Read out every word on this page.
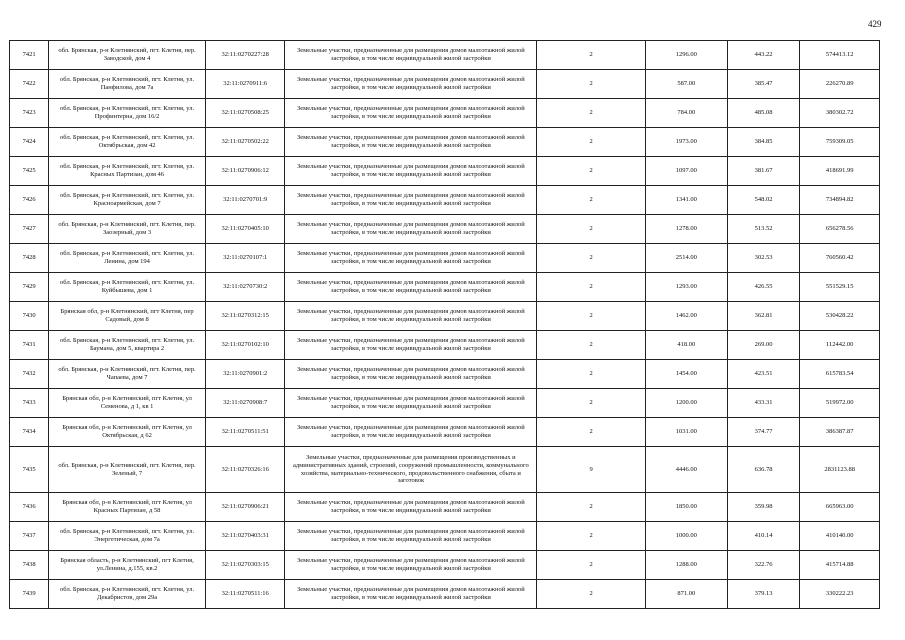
429
7421	обл. Брянская, р-н Клетнянский, пгт. Клетня, пер. Заводской, дом 4	32:11:0270227:28	Земельные участки, предназначенные для размещения домов малоэтажной жилой застройки, в том числе индивидуальной жилой застройки	2	1296.00	443.22	574413.12
7422	обл. Брянская, р-н Клетнянский, пгт. Клетня, ул. Панфилова, дом 7а	32:11:0270911:6	Земельные участки, предназначенные для размещения домов малоэтажной жилой застройки, в том числе индивидуальной жилой застройки	2	587.00	385.47	226270.89
7423	обл. Брянская, р-н Клетнянский, пгт. Клетня, ул. Профинтерна, дом 16/2	32:11:0270508:25	Земельные участки, предназначенные для размещения домов малоэтажной жилой застройки, в том числе индивидуальной жилой застройки	2	784.00	485.08	380302.72
7424	обл. Брянская, р-н Клетнянский, пгт. Клетня, ул. Октябрьская, дом 42	32:11:0270502:22	Земельные участки, предназначенные для размещения домов малоэтажной жилой застройки, в том числе индивидуальной жилой застройки	2	1973.00	384.85	759309.05
7425	обл. Брянская, р-н Клетнянский, пгт. Клетня, ул. Красных Партизан, дом 46	32:11:0270906:12	Земельные участки, предназначенные для размещения домов малоэтажной жилой застройки, в том числе индивидуальной жилой застройки	2	1097.00	381.67	418691.99
7426	обл. Брянская, р-н Клетнянский, пгт. Клетня, ул. Красноармейская, дом 7	32:11:0270701:9	Земельные участки, предназначенные для размещения домов малоэтажной жилой застройки, в том числе индивидуальной жилой застройки	2	1341.00	548.02	734894.82
7427	обл. Брянская, р-н Клетнянский, пгт. Клетня, пер. Заозерный, дом 3	32:11:0270405:10	Земельные участки, предназначенные для размещения домов малоэтажной жилой застройки, в том числе индивидуальной жилой застройки	2	1278.00	513.52	656278.56
7428	обл. Брянская, р-н Клетнянский, пгт. Клетня, ул. Ленина, дом 194	32:11:0270107:1	Земельные участки, предназначенные для размещения домов малоэтажной жилой застройки, в том числе индивидуальной жилой застройки	2	2514.00	302.53	760560.42
7429	обл. Брянская, р-н Клетнянский, пгт. Клетня, ул. Куйбышева, дом 1	32:11:0270730:2	Земельные участки, предназначенные для размещения домов малоэтажной жилой застройки, в том числе индивидуальной жилой застройки	2	1293.00	426.55	551529.15
7430	Брянская обл, р-н Клетнянский, пгт Клетня, пер Садовый, дом 8	32:11:0270312:15	Земельные участки, предназначенные для размещения домов малоэтажной жилой застройки, в том числе индивидуальной жилой застройки	2	1462.00	362.81	530428.22
7431	обл. Брянская, р-н Клетнянский, пгт. Клетня, ул. Баумана, дом 5, квартира 2	32:11:0270102:10	Земельные участки, предназначенные для размещения домов малоэтажной жилой застройки, в том числе индивидуальной жилой застройки	2	418.00	269.00	112442.00
7432	обл. Брянская, р-н Клетнянский, пгт. Клетня, пер. Чапаева, дом 7	32:11:0270901:2	Земельные участки, предназначенные для размещения домов малоэтажной жилой застройки, в том числе индивидуальной жилой застройки	2	1454.00	423.51	615783.54
7433	Брянская обл, р-н Клетнянский, пгт Клетня, ул Семенова, д 1, кв 1	32:11:0270908:7	Земельные участки, предназначенные для размещения домов малоэтажной жилой застройки, в том числе индивидуальной жилой застройки	2	1200.00	433.31	519972.00
7434	Брянская обл, р-н Клетнянский, пгт Клетня, ул Октябрьская, д 62	32:11:0270511:51	Земельные участки, предназначенные для размещения домов малоэтажной жилой застройки, в том числе индивидуальной жилой застройки	2	1031.00	374.77	386387.87
7435	обл. Брянская, р-н Клетнянский, пгт. Клетня, пер. Зеленый, 7	32:11:0270326:16	Земельные участки, предназначенные для размещения производственных и административных зданий, строений, сооружений промышленности, коммунального хозяйства, материально-технического, продовольственного снабжения, сбыта и заготовок	9	4446.00	636.78	2831123.88
7436	Брянская обл, р-н Клетнянский, пгт Клетня, ул Красных Партизан, д 58	32:11:0270906:21	Земельные участки, предназначенные для размещения домов малоэтажной жилой застройки, в том числе индивидуальной жилой застройки	2	1850.00	359.98	665963.00
7437	обл. Брянская, р-н Клетнянский, пгт. Клетня, ул. Энергетическая, дом 7а	32:11:0270403:31	Земельные участки, предназначенные для размещения домов малоэтажной жилой застройки, в том числе индивидуальной жилой застройки	2	1000.00	410.14	410140.00
7438	Брянская область, р-н Клетнянский, пгт Клетня, ул.Ленина, д.155, кв.2	32:11:0270303:15	Земельные участки, предназначенные для размещения домов малоэтажной жилой застройки, в том числе индивидуальной жилой застройки	2	1288.00	322.76	415714.88
7439	обл. Брянская, р-н Клетнянский, пгт. Клетня, ул. Декабристов, дом 29а	32:11:0270511:16	Земельные участки, предназначенные для размещения домов малоэтажной жилой застройки, в том числе индивидуальной жилой застройки	2	871.00	379.13	330222.23
